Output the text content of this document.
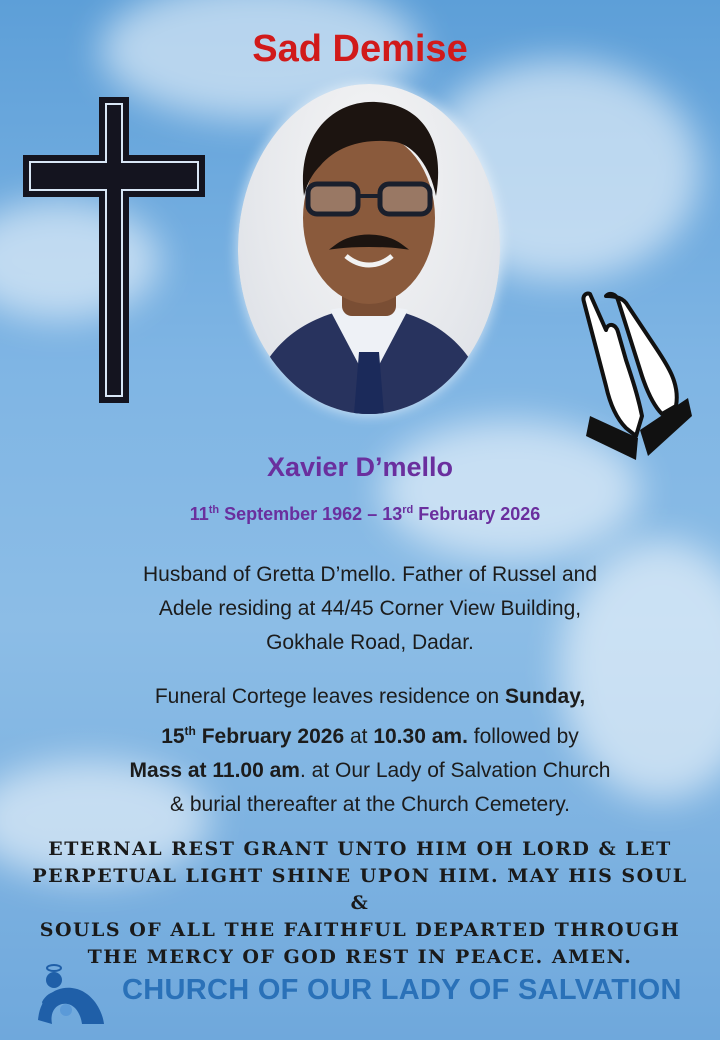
Sad Demise
Xavier D’mello
11th September 1962 – 13rd February 2026
Husband of Gretta D’mello. Father of Russel and
Adele residing at 44/45 Corner View Building,
Gokhale Road, Dadar.
Funeral Cortege leaves residence on Sunday,
15th February 2026 at 10.30 am. followed by
Mass at 11.00 am. at Our Lady of Salvation Church
& burial thereafter at the Church Cemetery.
ETERNAL REST GRANT UNTO HIM OH LORD & LET
PERPETUAL LIGHT SHINE UPON HIM. MAY HIS SOUL &
SOULS OF ALL THE FAITHFUL DEPARTED THROUGH
THE MERCY OF GOD REST IN PEACE. AMEN.
CHURCH OF OUR LADY OF SALVATION
